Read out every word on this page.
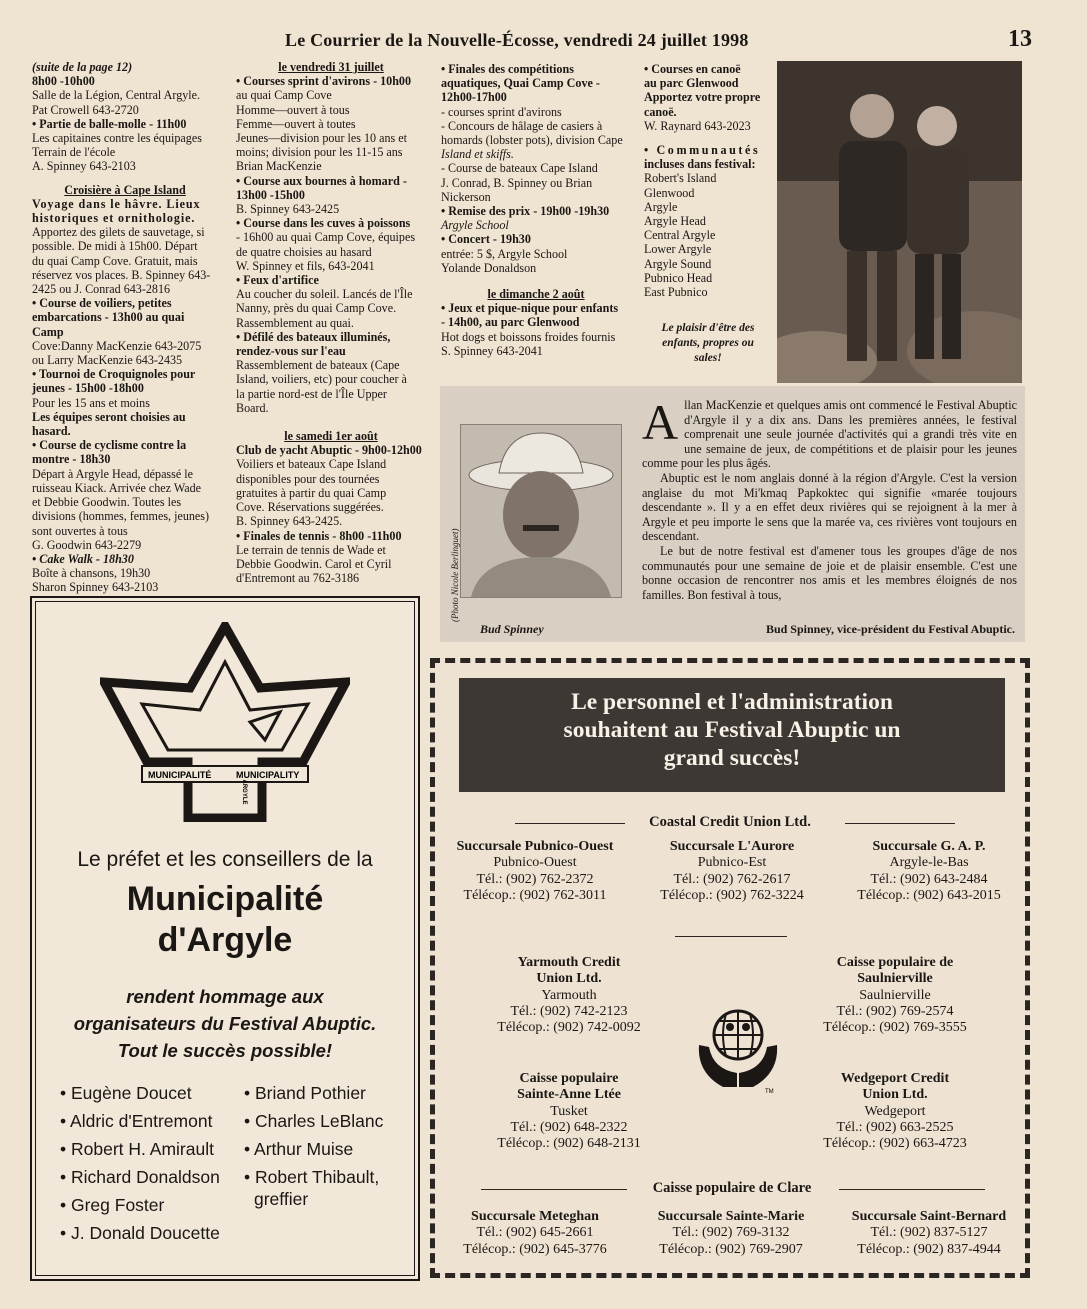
Le Courrier de la Nouvelle-Écosse, vendredi 24 juillet 1998	13

(suite de la page 12)

8h00 -10h00

Salle de la Légion, Central Argyle.

Pat Crowell 643-2720

• Partie de balle-molle - 11h00

Les capitaines contre les équipages

Terrain de l'école

A. Spinney 643-2103

Croisière à Cape Island

Voyage dans le hâvre. Lieux

historiques et ornithologie.

Apportez des gilets de sauvetage, si

possible. De midi à 15h00. Départ

du quai Camp Cove. Gratuit, mais

réservez vos places. B. Spinney 643-

2425 ou J. Conrad 643-2816

• Course de voiliers, petites

embarcations - 13h00 au quai Camp

Cove:Danny MacKenzie 643-2075

ou Larry MacKenzie 643-2435

• Tournoi de Croquignoles pour

jeunes - 15h00 -18h00

Pour les 15 ans et moins

Les équipes seront choisies au

hasard.

• Course de cyclisme contre la

montre - 18h30

Départ à Argyle Head, dépassé le

ruisseau Kiack. Arrivée chez Wade

et Debbie Goodwin. Toutes les

divisions (hommes, femmes, jeunes)

sont ouvertes à tous

G. Goodwin 643-2279

• Cake Walk - 18h30

Boîte à chansons, 19h30

Sharon Spinney 643-2103

le vendredi 31 juillet

• Courses sprint d'avirons - 10h00

au quai Camp Cove

Homme—ouvert à tous

Femme—ouvert à toutes

Jeunes—division pour les 10 ans et

moins; division pour les 11-15 ans

Brian MacKenzie

• Course aux bournes à homard -

13h00 -15h00

B. Spinney 643-2425

• Course dans les cuves à poissons

- 16h00 au quai Camp Cove, équipes

de quatre choisies au hasard

W. Spinney et fils, 643-2041

• Feux d'artifice

Au coucher du soleil. Lancés de l'Île

Nanny, près du quai Camp Cove.

Rassemblement au quai.

• Défilé des bateaux illuminés,

rendez-vous sur l'eau

Rassemblement de bateaux (Cape

Island, voiliers, etc) pour coucher à

la partie nord-est de l'Île Upper

Board.

le samedi 1er août

Club de yacht Abuptic - 9h00-12h00

Voiliers et bateaux Cape Island

disponibles pour des tournées

gratuites à partir du quai Camp

Cove. Réservations suggérées.

B. Spinney 643-2425.

• Finales de tennis - 8h00 -11h00

Le terrain de tennis de Wade et

Debbie Goodwin. Carol et Cyril

d'Entremont au 762-3186

• Finales des compétitions

aquatiques, Quai Camp Cove -

12h00-17h00

- courses sprint d'avirons

- Concours de hâlage de casiers à

homards (lobster pots), division Cape

Island et skiffs.

- Course de bateaux Cape Island

J. Conrad, B. Spinney ou Brian

Nickerson

• Remise des prix - 19h00 -19h30

Argyle School

• Concert - 19h30

entrée: 5 $, Argyle School

Yolande Donaldson

le dimanche 2 août

• Jeux et pique-nique pour enfants

- 14h00, au parc Glenwood

Hot dogs et boissons froides fournis

S. Spinney 643-2041

• Courses en canoë

au parc Glenwood

Apportez votre propre

canoë.

W. Raynard 643-2023

• Communautés

incluses dans festival:

Robert's Island

Glenwood

Argyle

Argyle Head

Central Argyle

Lower Argyle

Argyle Sound

Pubnico Head

East Pubnico

Le plaisir d'être des
enfants, propres ou
sales!
(Photo Nicole Berlinguet)
Bud Spinney
A llan MacKenzie et quelques amis ont commencé le Festival Abuptic d'Argyle il y a dix ans. Dans les premières années, le festival comprenait une seule journée d'activités qui a grandi très vite en une semaine de jeux, de compétitions et de plaisir pour les jeunes comme pour les plus âgés.

Abuptic est le nom anglais donné à la région d'Argyle. C'est la version anglaise du mot Mi'kmaq Papkoktec qui signifie «marée toujours descendante ». Il y a en effet deux rivières qui se rejoignent à la mer à Argyle et peu importe le sens que la marée va, ces rivières vont toujours en descendant.

Le but de notre festival est d'amener tous les groupes d'âge de nos communautés pour une semaine de joie et de plaisir ensemble. C'est une bonne occasion de rencontrer nos amis et les membres éloignés de nos familles. Bon festival à tous,

Bud Spinney, vice-président du Festival Abuptic.
MUNICIPALITÉ	MUNICIPALITY
ARGYLE
Le préfet et les conseillers de la
Municipalité
d'Argyle
rendent hommage aux
organisateurs du Festival Abuptic.
Tout le succès possible!
• Eugène Doucet
• Aldric d'Entremont
• Robert H. Amirault
• Richard Donaldson
• Greg Foster
• J. Donald Doucette
• Briand Pothier
• Charles LeBlanc
• Arthur Muise
• Robert Thibault,
greffier
Le personnel et l'administration
souhaitent au Festival Abuptic un
grand succès!
Coastal Credit Union Ltd.
Succursale Pubnico-Ouest
Pubnico-Ouest
Tél.: (902) 762-2372
Télécop.: (902) 762-3011
Succursale L'Aurore
Pubnico-Est
Tél.: (902) 762-2617
Télécop.: (902) 762-3224
Succursale G. A. P.
Argyle-le-Bas
Tél.: (902) 643-2484
Télécop.: (902) 643-2015
Yarmouth Credit
Union Ltd.
Yarmouth
Tél.: (902) 742-2123
Télécop.: (902) 742-0092
Caisse populaire de
Saulnierville
Saulnierville
Tél.: (902) 769-2574
Télécop.: (902) 769-3555
TM
Caisse populaire
Sainte-Anne Ltée
Tusket
Tél.: (902) 648-2322
Télécop.: (902) 648-2131
Wedgeport Credit
Union Ltd.
Wedgeport
Tél.: (902) 663-2525
Télécop.: (902) 663-4723
Caisse populaire de Clare
Succursale Meteghan
Tél.: (902) 645-2661
Télécop.: (902) 645-3776
Succursale Sainte-Marie
Tél.: (902) 769-3132
Télécop.: (902) 769-2907
Succursale Saint-Bernard
Tél.: (902) 837-5127
Télécop.: (902) 837-4944
